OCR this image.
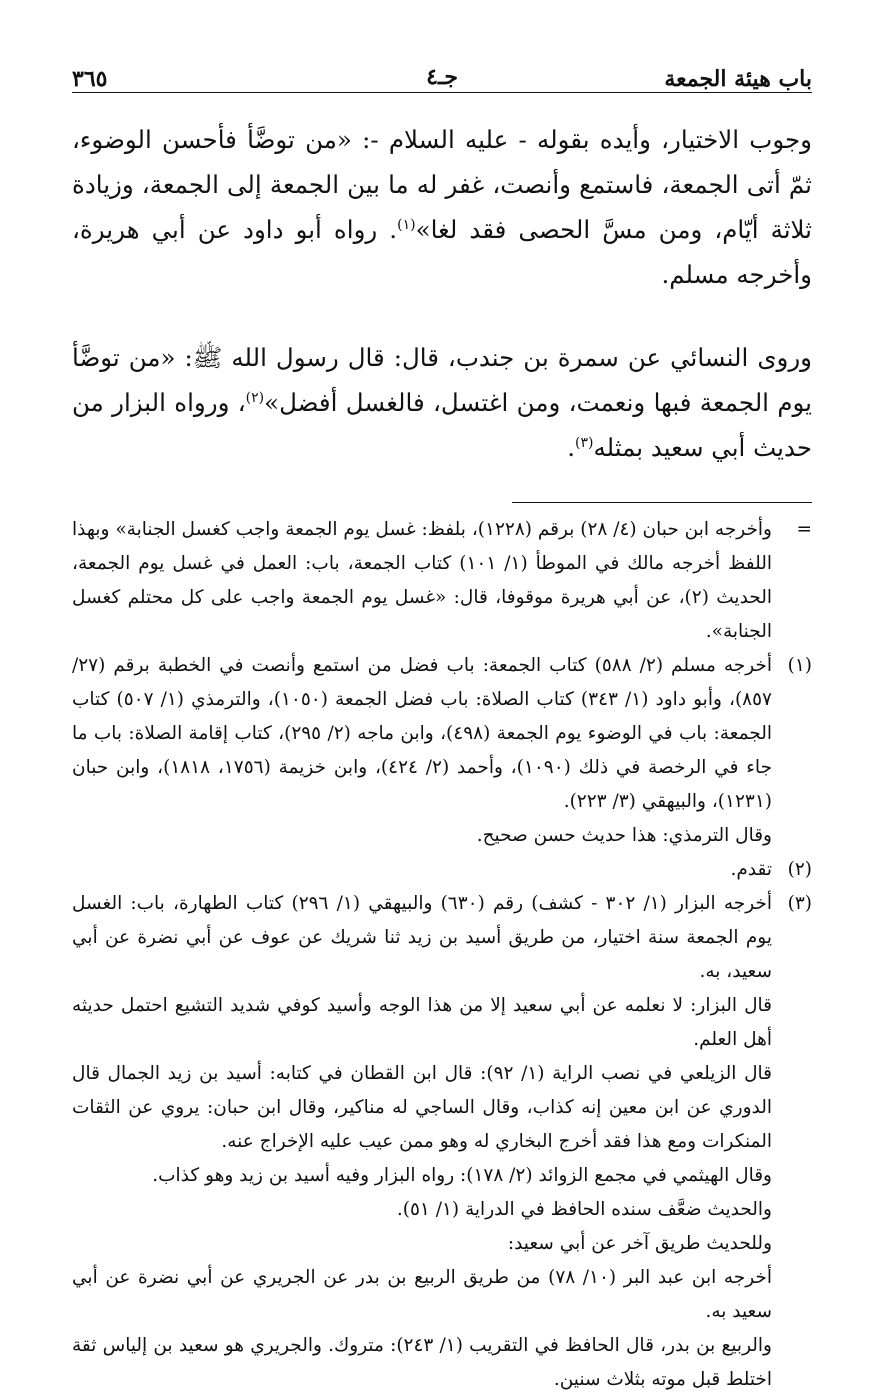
باب هيئة الجمعة
جـ٤
٣٦٥

وجوب الاختيار، وأيده بقوله - عليه السلام -: «من توضَّأ فأحسن الوضوء، ثمّ أتى الجمعة، فاستمع وأنصت، غفر له ما بين الجمعة إلى الجمعة، وزيادة ثلاثة أيّام، ومن مسَّ الحصى فقد لغا»$^{(١)}$. رواه أبو داود عن أبي هريرة، وأخرجه مسلم.

وروى النسائي عن سمرة بن جندب، قال: قال رسول الله ﷺ: «من توضَّأ يوم الجمعة فبها ونعمت، ومن اغتسل، فالغسل أفضل»$^{(٢)}$، ورواه البزار من حديث أبي سعيد بمثله$^{(٣)}$.

=

وأخرجه ابن حبان (٤/ ٢٨) برقم (١٢٢٨)، بلفظ: غسل يوم الجمعة واجب كغسل الجنابة» وبهذا اللفظ أخرجه مالك في الموطأ (١/ ١٠١) كتاب الجمعة، باب: العمل في غسل يوم الجمعة، الحديث (٢)، عن أبي هريرة موقوفا، قال: «غسل يوم الجمعة واجب على كل محتلم كغسل الجنابة».

(١)

أخرجه مسلم (٢/ ٥٨٨) كتاب الجمعة: باب فضل من استمع وأنصت في الخطبة برقم (٢٧/ ٨٥٧)، وأبو داود (١/ ٣٤٣) كتاب الصلاة: باب فضل الجمعة (١٠٥٠)، والترمذي (١/ ٥٠٧) كتاب الجمعة: باب في الوضوء يوم الجمعة (٤٩٨)، وابن ماجه (٢/ ٢٩٥)، كتاب إقامة الصلاة: باب ما جاء في الرخصة في ذلك (١٠٩٠)، وأحمد (٢/ ٤٢٤)، وابن خزيمة (١٧٥٦، ١٨١٨)، وابن حبان (١٢٣١)، والبيهقي (٣/ ٢٢٣).

وقال الترمذي: هذا حديث حسن صحيح.

(٢)

تقدم.

(٣)

أخرجه البزار (١/ ٣٠٢ - كشف) رقم (٦٣٠) والبيهقي (١/ ٢٩٦) كتاب الطهارة، باب: الغسل يوم الجمعة سنة اختيار، من طريق أسيد بن زيد ثنا شريك عن عوف عن أبي نضرة عن أبي سعيد، به.

قال البزار: لا نعلمه عن أبي سعيد إلا من هذا الوجه وأسيد كوفي شديد التشيع احتمل حديثه أهل العلم.

قال الزيلعي في نصب الراية (١/ ٩٢): قال ابن القطان في كتابه: أسيد بن زيد الجمال قال الدوري عن ابن معين إنه كذاب، وقال الساجي له مناكير، وقال ابن حبان: يروي عن الثقات المنكرات ومع هذا فقد أخرج البخاري له وهو ممن عيب عليه الإخراج عنه.

وقال الهيثمي في مجمع الزوائد (٢/ ١٧٨): رواه البزار وفيه أسيد بن زيد وهو كذاب.

والحديث ضعَّف سنده الحافظ في الدراية (١/ ٥١).

وللحديث طريق آخر عن أبي سعيد:

أخرجه ابن عبد البر (١٠/ ٧٨) من طريق الربيع بن بدر عن الجريري عن أبي نضرة عن أبي سعيد به.

والربيع بن بدر، قال الحافظ في التقريب (١/ ٢٤٣): متروك. والجريري هو سعيد بن إلياس ثقة اختلط قبل موته بثلاث سنين.
